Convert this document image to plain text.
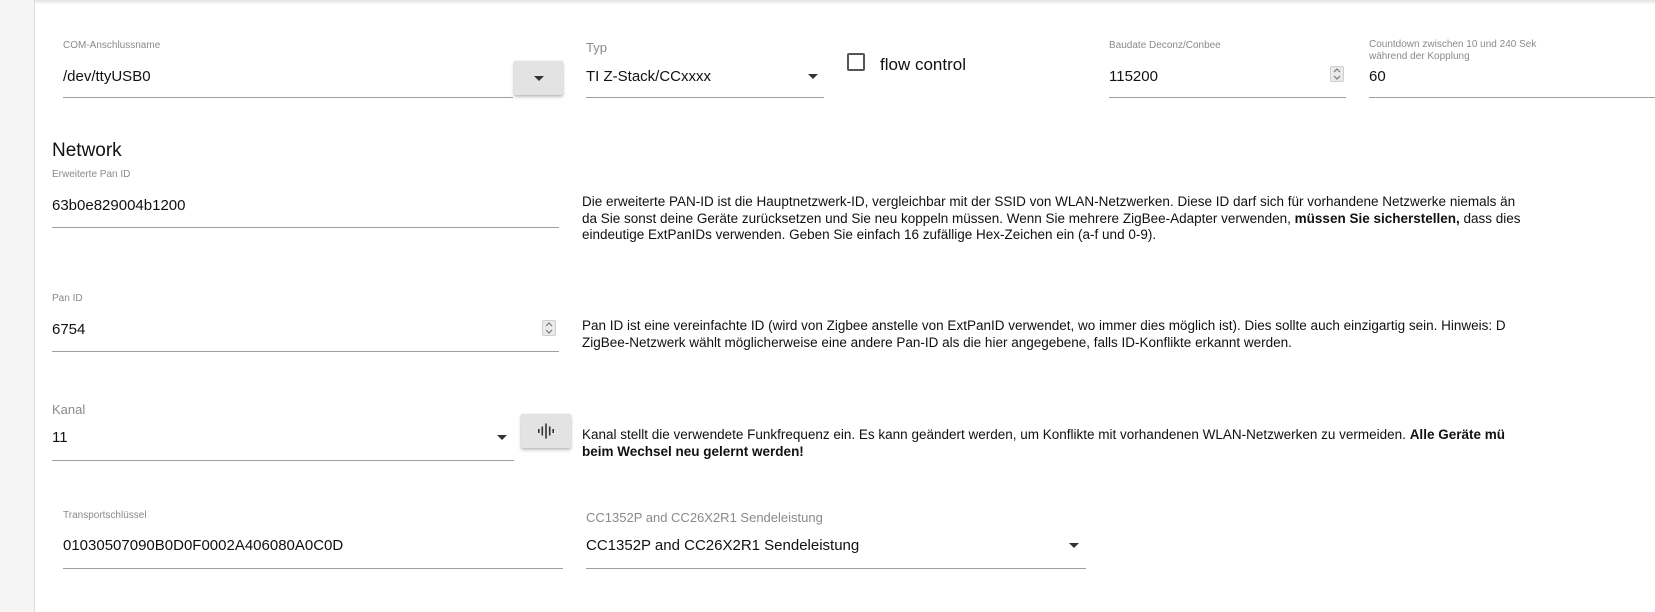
COM-Anschlussname
/dev/ttyUSB0
Typ
TI Z-Stack/CCxxxx
flow control
Baudate Deconz/Conbee
115200
Countdown zwischen 10 und 240 Sek
während der Kopplung
60
Network
Erweiterte Pan ID
63b0e829004b1200	Die erweiterte PAN-ID ist die Hauptnetzwerk-ID, vergleichbar mit der SSID von WLAN-Netzwerken. Diese ID darf sich für vorhandene Netzwerke niemals än
da Sie sonst deine Geräte zurücksetzen und Sie neu koppeln müssen. Wenn Sie mehrere ZigBee-Adapter verwenden, müssen Sie sicherstellen, dass dies
eindeutige ExtPanIDs verwenden. Geben Sie einfach 16 zufällige Hex-Zeichen ein (a-f und 0-9).
Pan ID
6754	Pan ID ist eine vereinfachte ID (wird von Zigbee anstelle von ExtPanID verwendet, wo immer dies möglich ist). Dies sollte auch einzigartig sein. Hinweis: D
ZigBee-Netzwerk wählt möglicherweise eine andere Pan-ID als die hier angegebene, falls ID-Konflikte erkannt werden.
Kanal
11	Kanal stellt die verwendete Funkfrequenz ein. Es kann geändert werden, um Konflikte mit vorhandenen WLAN-Netzwerken zu vermeiden. Alle Geräte mü
beim Wechsel neu gelernt werden!
Transportschlüssel
01030507090B0D0F0002A406080A0C0D
CC1352P and CC26X2R1 Sendeleistung
CC1352P and CC26X2R1 Sendeleistung
